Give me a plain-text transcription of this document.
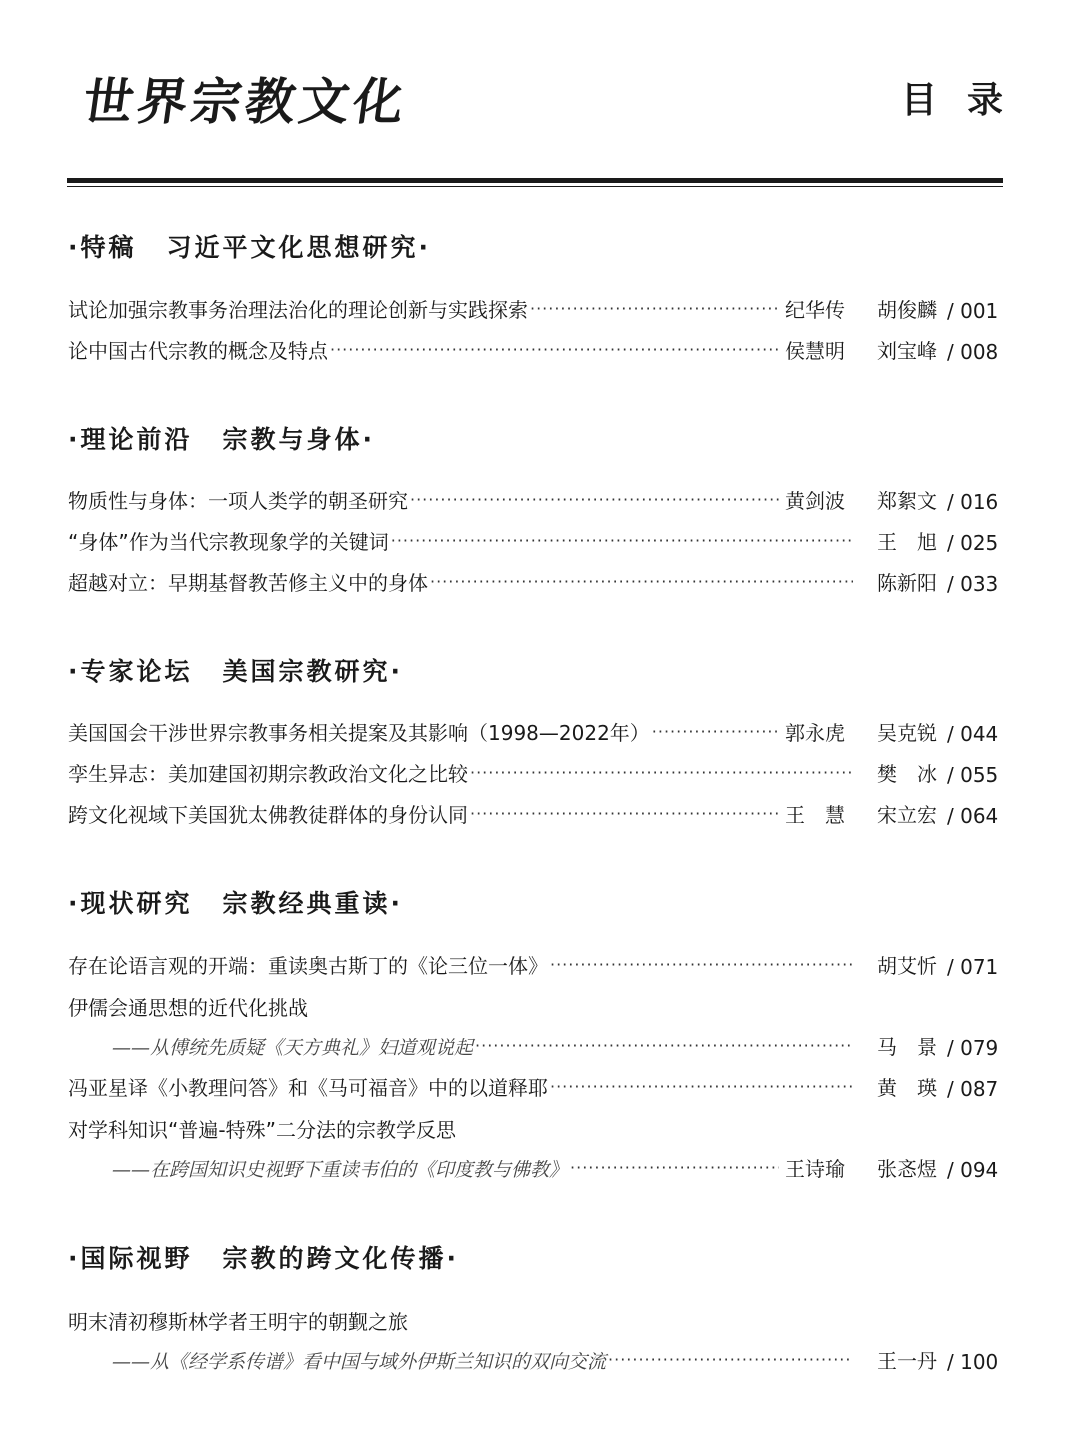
世界宗教文化	目录
·特稿 习近平文化思想研究·
试论加强宗教事务治理法治化的理论创新与实践探索 ·····	纪华传	胡俊麟 / 001
论中国古代宗教的概念及特点 ·····	侯慧明	刘宝峰 / 008
·理论前沿 宗教与身体·
物质性与身体：一项人类学的朝圣研究 ·····	黄剑波	郑絮文 / 016
“身体”作为当代宗教现象学的关键词 ·····	王　旭 / 025
超越对立：早期基督教苦修主义中的身体 ·····	陈新阳 / 033
·专家论坛 美国宗教研究·
美国国会干涉世界宗教事务相关提案及其影响（1998—2022年） ·····	郭永虎	吴克锐 / 044
孪生异志：美加建国初期宗教政治文化之比较 ·····	樊　冰 / 055
跨文化视域下美国犹太佛教徒群体的身份认同 ·····	王　慧	宋立宏 / 064
·现状研究 宗教经典重读·
存在论语言观的开端：重读奥古斯丁的《论三位一体》 ·····	胡艾忻 / 071
伊儒会通思想的近代化挑战
——从傅统先质疑《天方典礼》妇道观说起 ·····	马　景 / 079
冯亚星译《小教理问答》和《马可福音》中的以道释耶 ·····	黄　瑛 / 087
对学科知识“普遍-特殊”二分法的宗教学反思
——在跨国知识史视野下重读韦伯的《印度教与佛教》 ·····	王诗瑜	张忞煜 / 094
·国际视野 宗教的跨文化传播·
明末清初穆斯林学者王明宇的朝觐之旅
——从《经学系传谱》看中国与域外伊斯兰知识的双向交流 ·····	王一丹 / 100
